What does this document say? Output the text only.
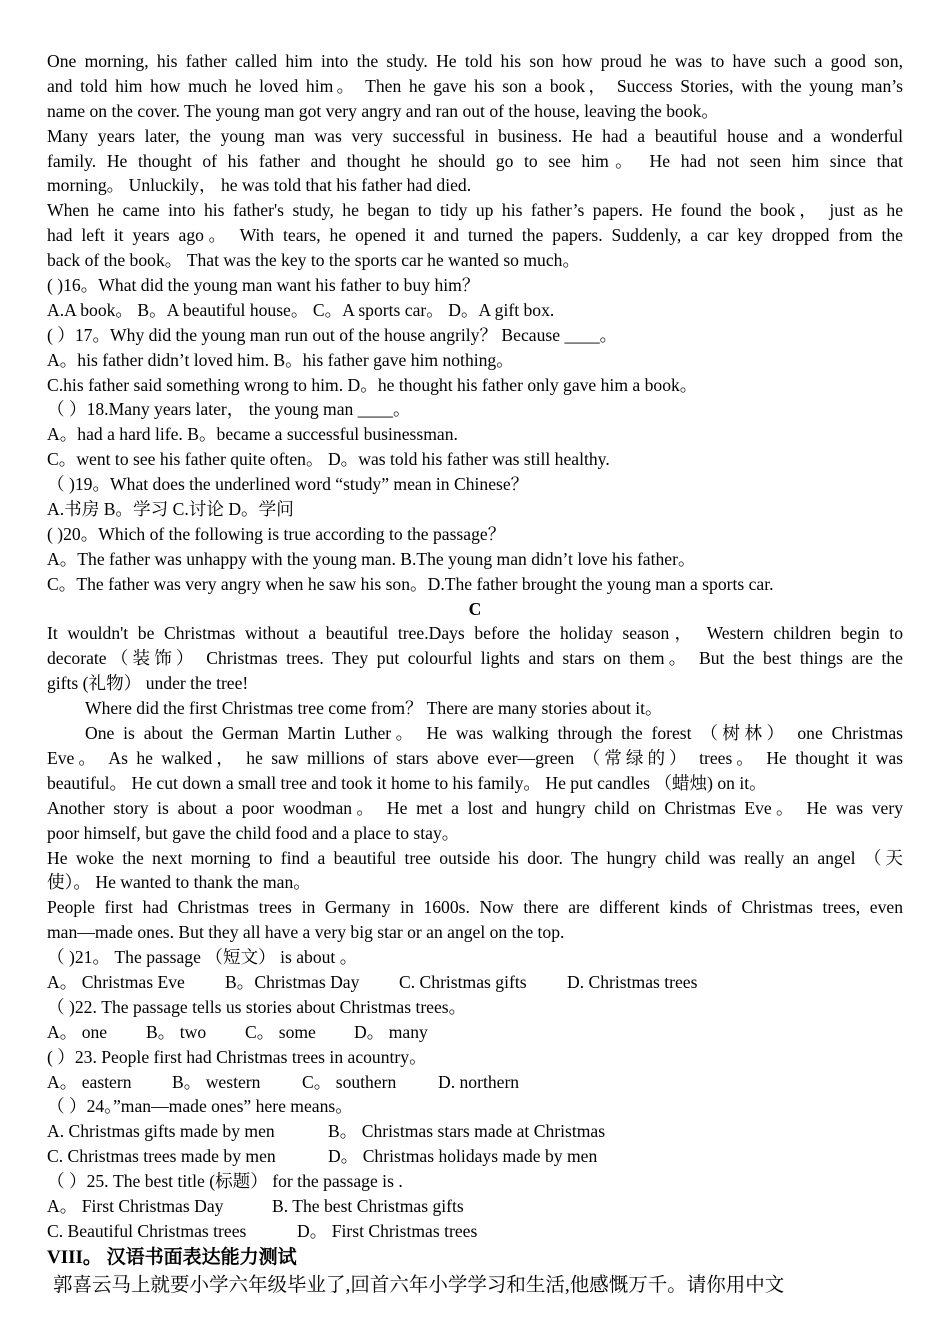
One morning, his father called him into the study. He told his son how proud he was to have such a good son,
and told him how much he loved him。 Then he gave his son a book， Success Stories, with the young man’s
name on the cover. The young man got very angry and ran out of the house, leaving the book。
Many years later, the young man was very successful in business. He had a beautiful house and a wonderful
family. He thought of his father and thought he should go to see him。 He had not seen him since that
morning。 Unluckily， he was told that his father had died.
When he came into his father's study, he began to tidy up his father’s papers. He found the book， just as he
had left it years ago。 With tears, he opened it and turned the papers. Suddenly, a car key dropped from the
back of the book。 That was the key to the sports car he wanted so much。
( )16。What did the young man want his father to buy him？
A.A book。 B。A beautiful house。 C。A sports car。 D。A gift box.
( ）17。Why did the young man run out of the house angrily？ Because ____。
A。his father didn’t loved him. B。his father gave him nothing。
C.his father said something wrong to him. D。he thought his father only gave him a book。
（ ）18.Many years later， the young man ____。
A。had a hard life. B。became a successful businessman.
C。went to see his father quite often。 D。was told his father was still healthy.
（ )19。What does the underlined word “study” mean in Chinese？
A.书房 B。学习 C.讨论 D。学问
( )20。Which of the following is true according to the passage？
A。The father was unhappy with the young man. B.The young man didn’t love his father。
C。The father was very angry when he saw his son。D.The father brought the young man a sports car.
C
It wouldn't be Christmas without a beautiful tree.Days before the holiday season， Western children begin to
decorate（装饰） Christmas trees. They put colourful lights and stars on them。 But the best things are the
gifts (礼物） under the tree!
Where did the first Christmas tree come from？ There are many stories about it。
One is about the German Martin Luther。 He was walking through the forest （树林） one Christmas
Eve。 As he walked， he saw millions of stars above ever—green （常绿的） trees。 He thought it was
beautiful。 He cut down a small tree and took it home to his family。 He put candles （蜡烛) on it。
Another story is about a poor woodman。 He met a lost and hungry child on Christmas Eve。 He was very
poor himself, but gave the child food and a place to stay。
He woke the next morning to find a beautiful tree outside his door. The hungry child was really an angel （天
使）。 He wanted to thank the man。
People first had Christmas trees in Germany in 1600s. Now there are different kinds of Christmas trees, even
man—made ones. But they all have a very big star or an angel on the top.
（ )21。 The passage （短文） is about 。
A。 Christmas Eve B。Christmas Day C. Christmas gifts D. Christmas trees
（ )22. The passage tells us stories about Christmas trees。
A。 one B。 two C。 some D。 many
( ）23. People first had Christmas trees in acountry。
A。 eastern B。 western C。 southern D. northern
（ ）24。”man—made ones” here means。
A. Christmas gifts made by men	B。 Christmas stars made at Christmas
C. Christmas trees made by men	D。 Christmas holidays made by men
（ ）25. The best title (标题） for the passage is .
A。 First Christmas Day	B. The best Christmas gifts
C. Beautiful Christmas trees	D。 First Christmas trees
VIII。 汉语书面表达能力测试
郭喜云马上就要小学六年级毕业了,回首六年小学学习和生活,他感慨万千。请你用中文
